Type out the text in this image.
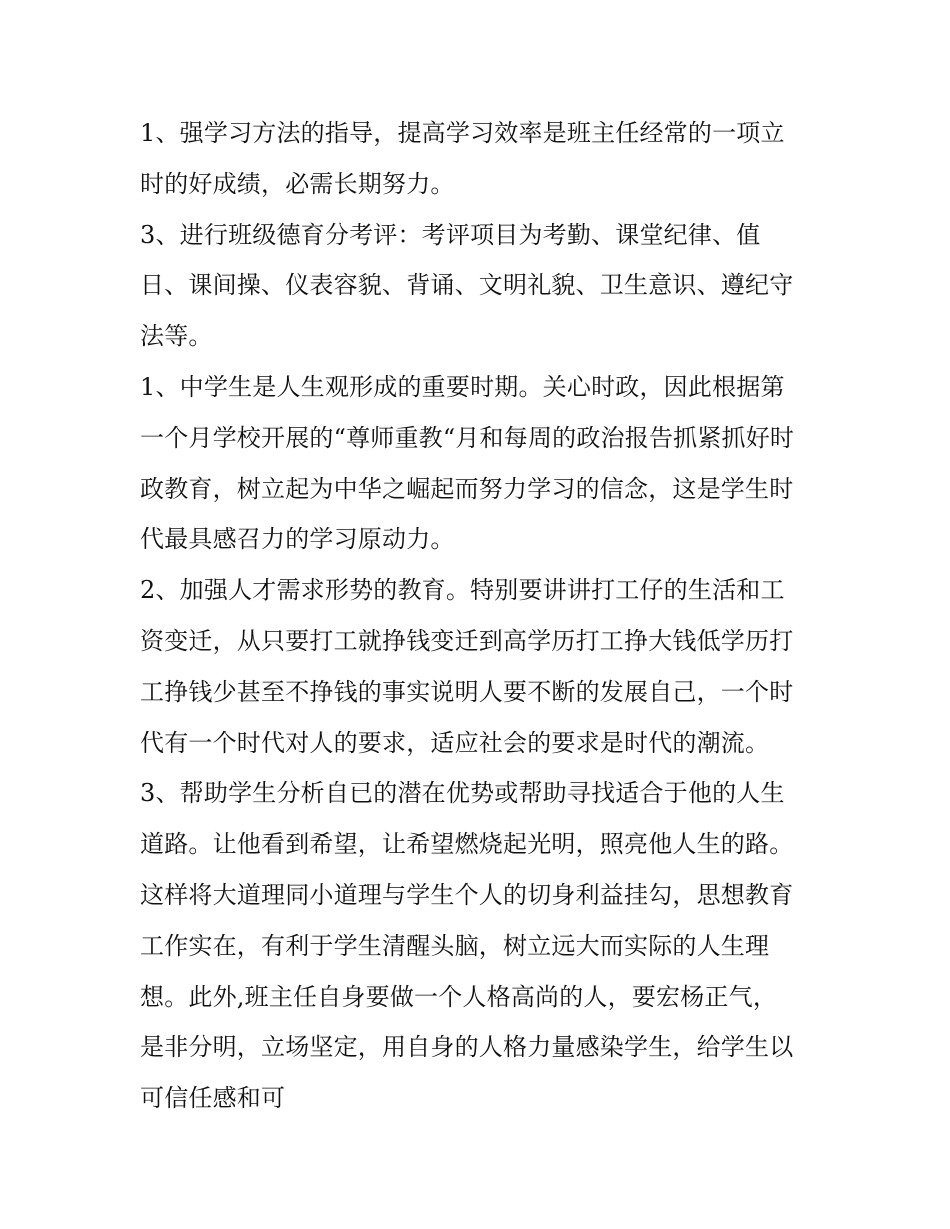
1、强学习方法的指导，提高学习效率是班主任经常的一项立
时的好成绩，必需长期努力。
3、进行班级德育分考评：考评项目为考勤、课堂纪律、值
日、课间操、仪表容貌、背诵、文明礼貌、卫生意识、遵纪守
法等。
1、中学生是人生观形成的重要时期。关心时政，因此根据第
一个月学校开展的“尊师重教“月和每周的政治报告抓紧抓好时
政教育，树立起为中华之崛起而努力学习的信念，这是学生时
代最具感召力的学习原动力。
2、加强人才需求形势的教育。特别要讲讲打工仔的生活和工
资变迁，从只要打工就挣钱变迁到高学历打工挣大钱低学历打
工挣钱少甚至不挣钱的事实说明人要不断的发展自己，一个时
代有一个时代对人的要求，适应社会的要求是时代的潮流。
3、帮助学生分析自已的潜在优势或帮助寻找适合于他的人生
道路。让他看到希望，让希望燃烧起光明，照亮他人生的路。
这样将大道理同小道理与学生个人的切身利益挂勾，思想教育
工作实在，有利于学生清醒头脑，树立远大而实际的人生理
想。此外,班主任自身要做一个人格高尚的人，要宏杨正气，
是非分明，立场坚定，用自身的人格力量感染学生，给学生以
可信任感和可
